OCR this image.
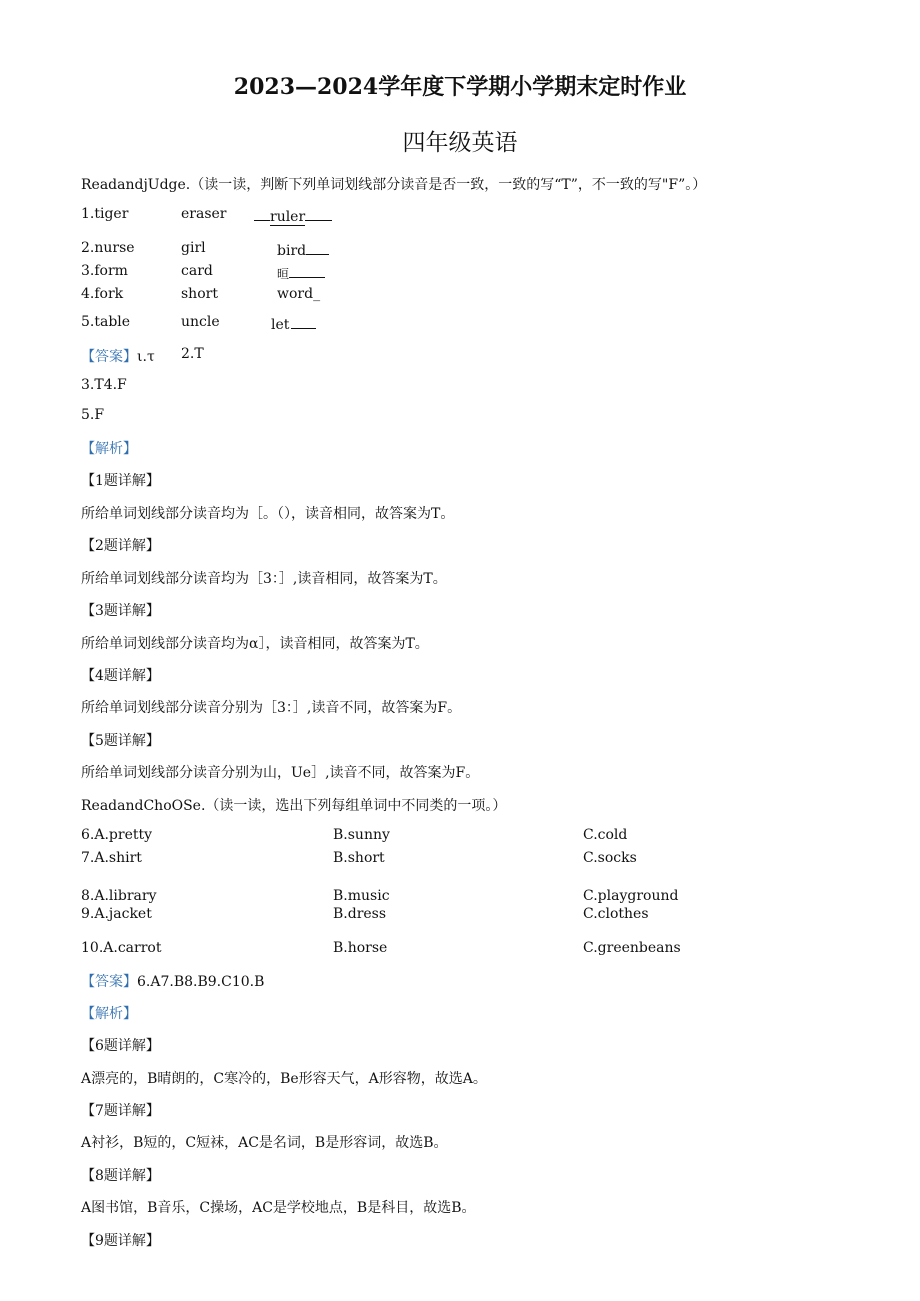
2023—2024学年度下学期小学期末定时作业
四年级英语
ReadandjUdge.（读一读，判断下列单词划线部分读音是否一致，一致的写“T”，不一致的写"F”。）
1.tiger	eraser	ruler
2.nurse	girl	bird
3.form	card	晅
4.fork	short	word_
5.table	uncle	let
【答案】ι.τ 2.T
3.T4.F
5.F
【解析】
【1题详解】
所给单词划线部分读音均为［。（），读音相同，故答案为T。
【2题详解】
所给单词划线部分读音均为［3：］,读音相同，故答案为T。
【3题详解】
所给单词划线部分读音均为α］，读音相同，故答案为T。
【4题详解】
所给单词划线部分读音分别为［3：］,读音不同，故答案为F。
【5题详解】
所给单词划线部分读音分别为山，Ue］,读音不同，故答案为F。
ReadandChoOSe.（读一读，选出下列每组单词中不同类的一项。）
6.A.pretty	B.sunny	C.cold
7.A.shirt	B.short	C.socks
8.A.library	B.music	C.playground
9.A.jacket	B.dress	C.clothes
10.A.carrot	B.horse	C.greenbeans
【答案】6.A7.B8.B9.C10.B
【解析】
【6题详解】
A漂亮的，B晴朗的，C寒冷的，Be形容天气，A形容物，故选A。
【7题详解】
A衬衫，B短的，C短袜，AC是名词，B是形容词，故选B。
【8题详解】
A图书馆，B音乐，C操场，AC是学校地点，B是科目，故选B。
【9题详解】
